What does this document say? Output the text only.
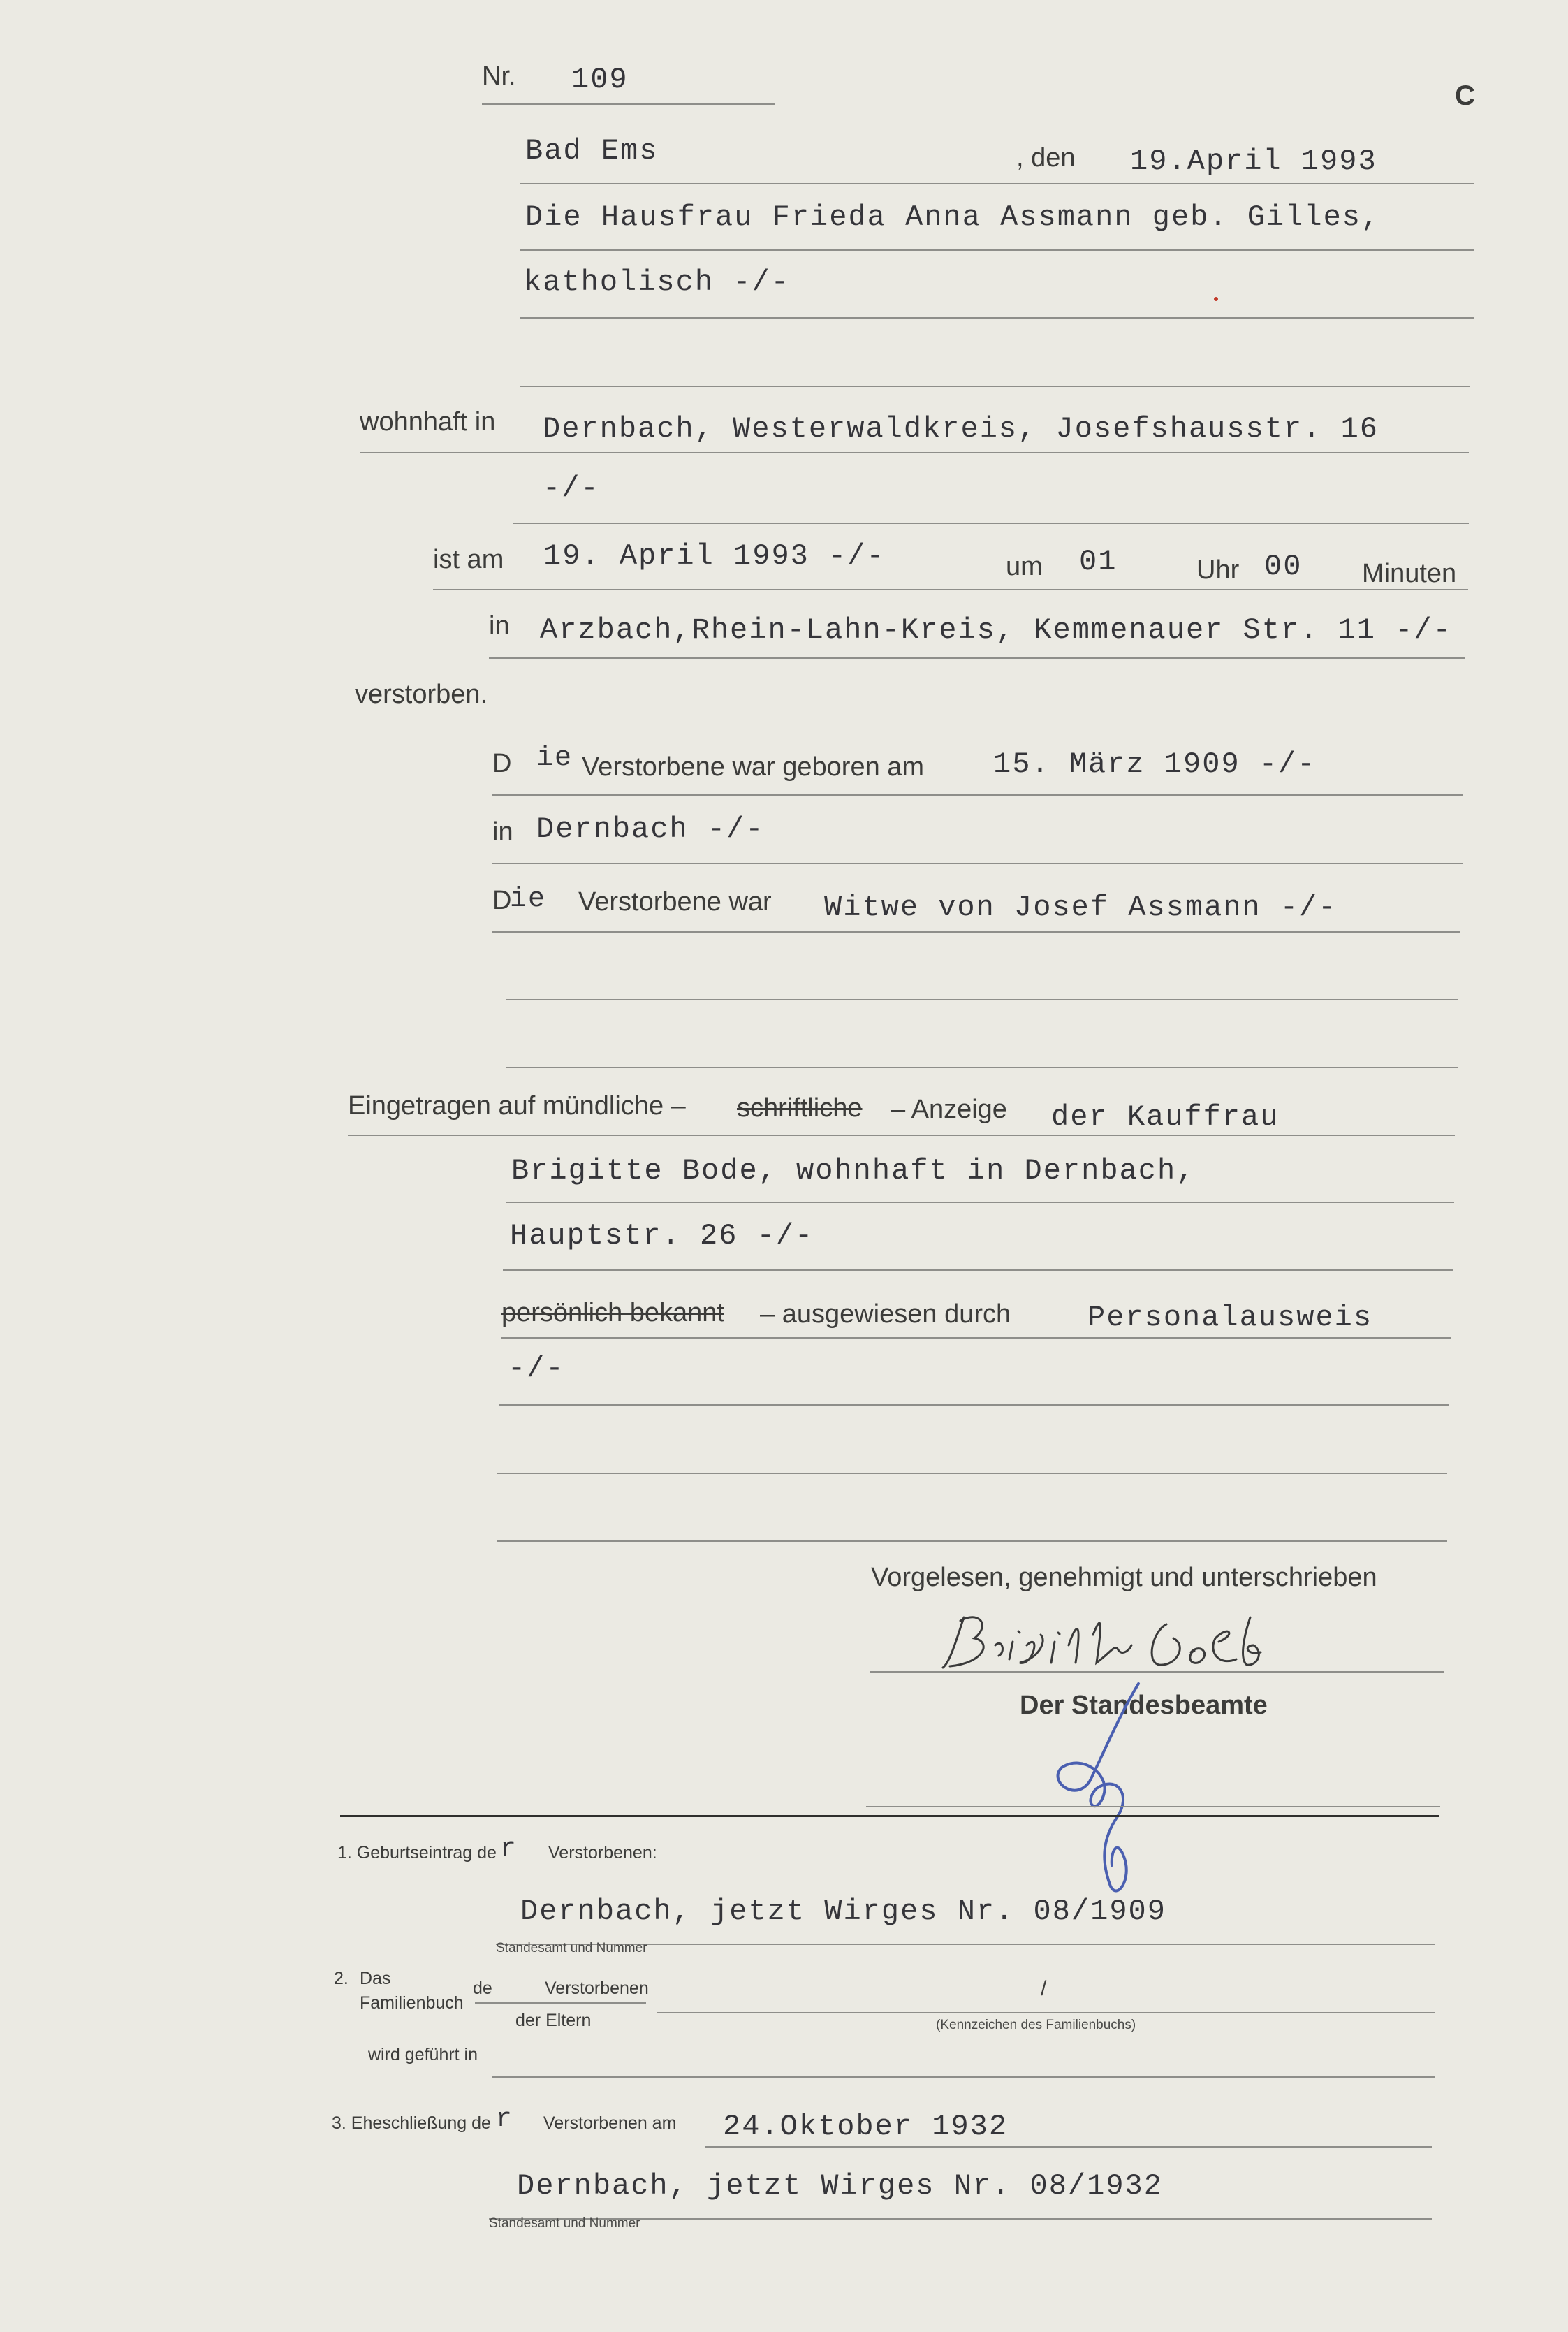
Nr. 109	C
Bad Ems	, den 19.April 1993
Die Hausfrau Frieda Anna Assmann geb. Gilles,
katholisch -/-
wohnhaft in Dernbach, Westerwaldkreis, Josefshausstr. 16
-/-
ist am 19. April 1993 -/-	um 01	Uhr 00 Minuten
in Arzbach,Rhein-Lahn-Kreis, Kemmenauer Str. 11 -/-
verstorben.
D ie Verstorbene war geboren am 15. März 1909 -/-
in Dernbach -/-
D
ie Verstorbene war Witwe von Josef Assmann -/-
Eingetragen auf mündliche – schriftliche – Anzeige der Kauffrau
Brigitte Bode, wohnhaft in Dernbach,
Hauptstr. 26 -/-
persönlich bekannt – ausgewiesen durch	Personalausweis
-/-
Vorgelesen, genehmigt und unterschrieben
Der Standesbeamte
1. Geburtseintrag de r Verstorbenen:
Dernbach, jetzt Wirges Nr. 08/1909
Standesamt und Nummer
2. Das
Familienbuch
de	Verstorbenen
der Eltern
/
(Kennzeichen des Familienbuchs)
wird geführt in
3. Eheschließung de r Verstorbenen am 24.Oktober 1932
Dernbach, jetzt Wirges Nr. 08/1932
Standesamt und Nummer
